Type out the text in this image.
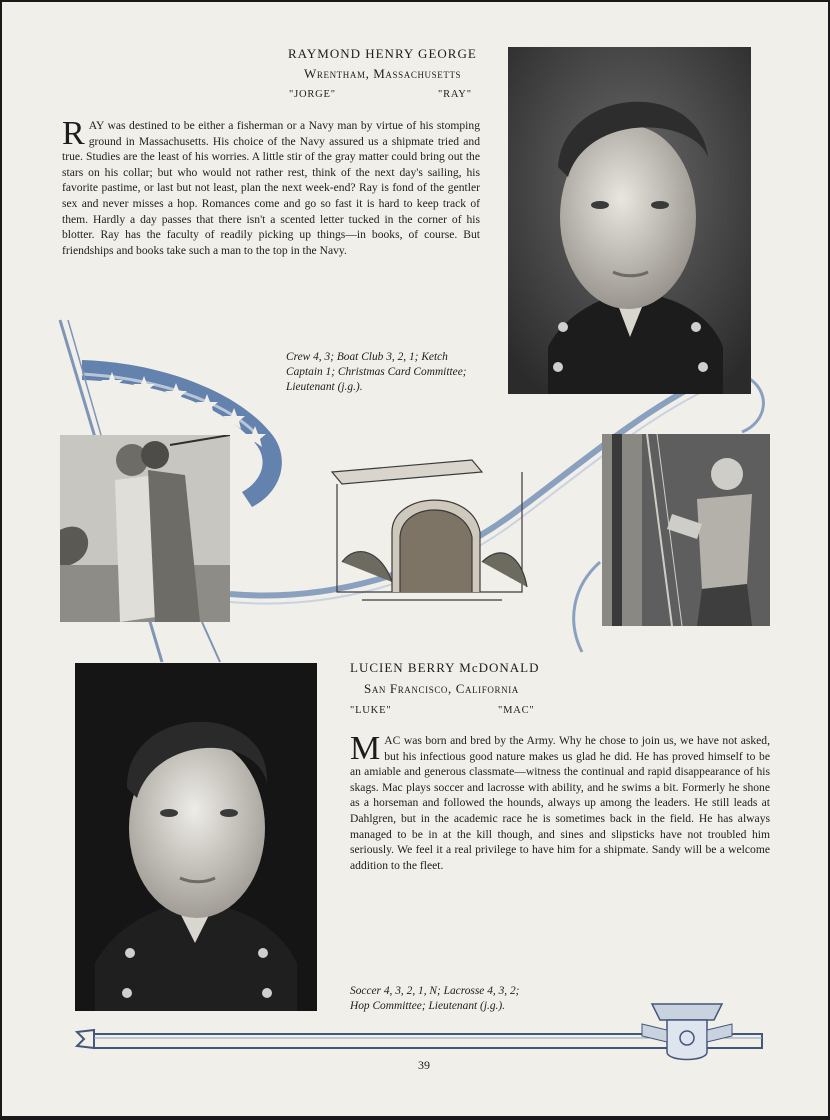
RAYMOND HENRY GEORGE
Wrentham, Massachusetts
"JORGE"	"RAY"
RAY was destined to be either a fisherman or a Navy man by virtue of his stomping ground in Massachusetts. His choice of the Navy assured us a shipmate tried and true. Studies are the least of his worries. A little stir of the gray matter could bring out the stars on his collar; but who would not rather rest, think of the next day's sailing, his favorite pastime, or last but not least, plan the next week-end? Ray is fond of the gentler sex and never misses a hop. Romances come and go so fast it is hard to keep track of them. Hardly a day passes that there isn't a scented letter tucked in the corner of his blotter. Ray has the faculty of readily picking up things—in books, of course. But friendships and books take such a man to the top in the Navy.
Crew 4, 3; Boat Club 3, 2, 1; Ketch
Captain 1; Christmas Card Committee;
Lieutenant (j.g.).
LUCIEN BERRY McDONALD
San Francisco, California
"LUKE"	"MAC"
MAC was born and bred by the Army. Why he chose to join us, we have not asked, but his infectious good nature makes us glad he did. He has proved himself to be an amiable and generous classmate—witness the continual and rapid disappearance of his skags. Mac plays soccer and lacrosse with ability, and he swims a bit. Formerly he shone as a horseman and followed the hounds, always up among the leaders. He still leads at Dahlgren, but in the academic race he is sometimes back in the field. He has always managed to be in at the kill though, and sines and slipsticks have not troubled him seriously. We feel it a real privilege to have him for a shipmate. Sandy will be a welcome addition to the fleet.
Soccer 4, 3, 2, 1, N; Lacrosse 4, 3, 2;
Hop Committee; Lieutenant (j.g.).
39
